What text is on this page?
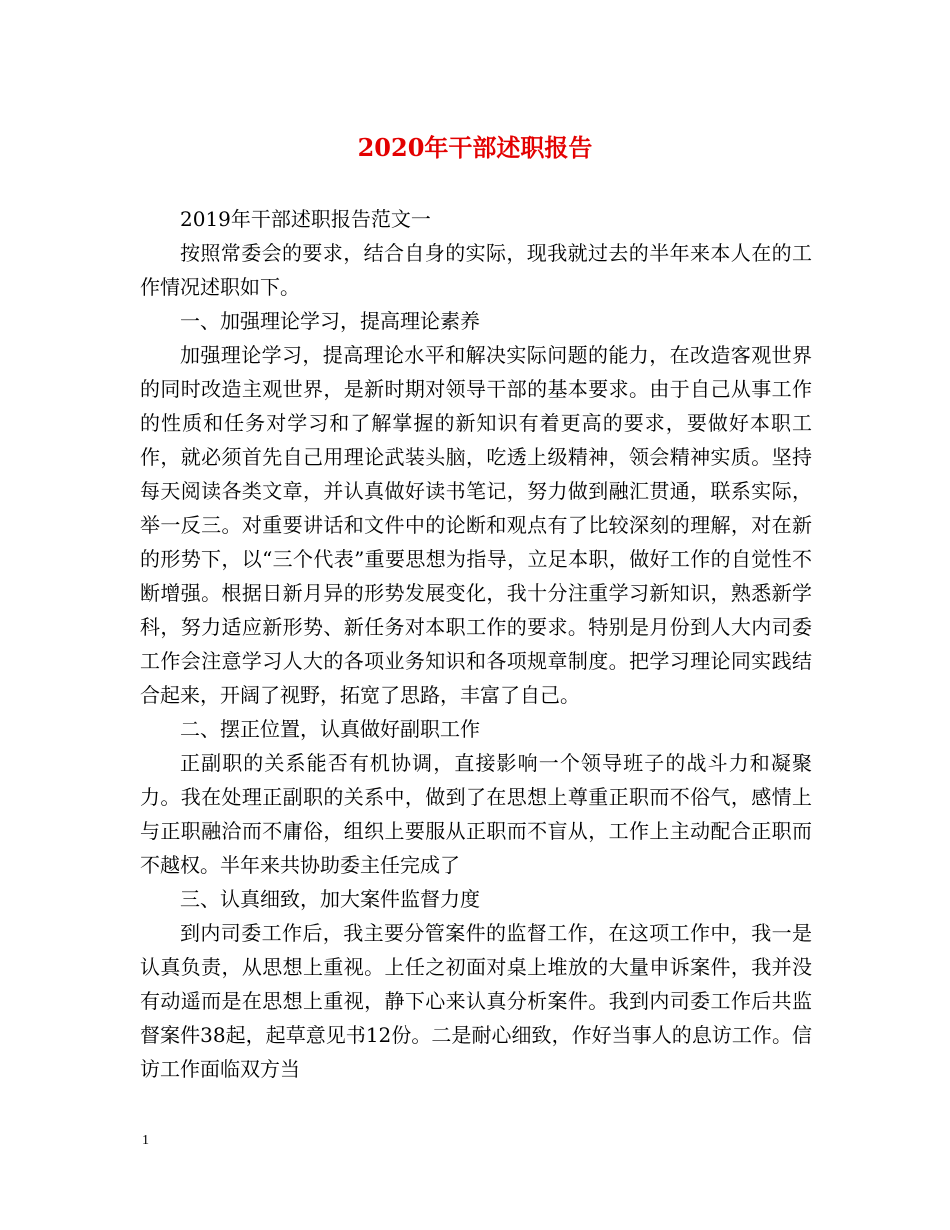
2020年干部述职报告

2019年干部述职报告范文一

按照常委会的要求，结合自身的实际，现我就过去的半年来本人在的工作情况述职如下。

一、加强理论学习，提高理论素养

加强理论学习，提高理论水平和解决实际问题的能力，在改造客观世界的同时改造主观世界，是新时期对领导干部的基本要求。由于自己从事工作的性质和任务对学习和了解掌握的新知识有着更高的要求，要做好本职工作，就必须首先自己用理论武装头脑，吃透上级精神，领会精神实质。坚持每天阅读各类文章，并认真做好读书笔记，努力做到融汇贯通，联系实际，举一反三。对重要讲话和文件中的论断和观点有了比较深刻的理解，对在新的形势下，以“三个代表”重要思想为指导，立足本职，做好工作的自觉性不断增强。根据日新月异的形势发展变化，我十分注重学习新知识，熟悉新学科，努力适应新形势、新任务对本职工作的要求。特别是月份到人大内司委工作会注意学习人大的各项业务知识和各项规章制度。把学习理论同实践结合起来，开阔了视野，拓宽了思路，丰富了自己。

二、摆正位置，认真做好副职工作

正副职的关系能否有机协调，直接影响一个领导班子的战斗力和凝聚力。我在处理正副职的关系中，做到了在思想上尊重正职而不俗气，感情上与正职融洽而不庸俗，组织上要服从正职而不盲从，工作上主动配合正职而不越权。半年来共协助委主任完成了

三、认真细致，加大案件监督力度

到内司委工作后，我主要分管案件的监督工作，在这项工作中，我一是认真负责，从思想上重视。上任之初面对桌上堆放的大量申诉案件，我并没有动遥而是在思想上重视，静下心来认真分析案件。我到内司委工作后共监督案件38起，起草意见书12份。二是耐心细致，作好当事人的息访工作。信访工作面临双方当

1
